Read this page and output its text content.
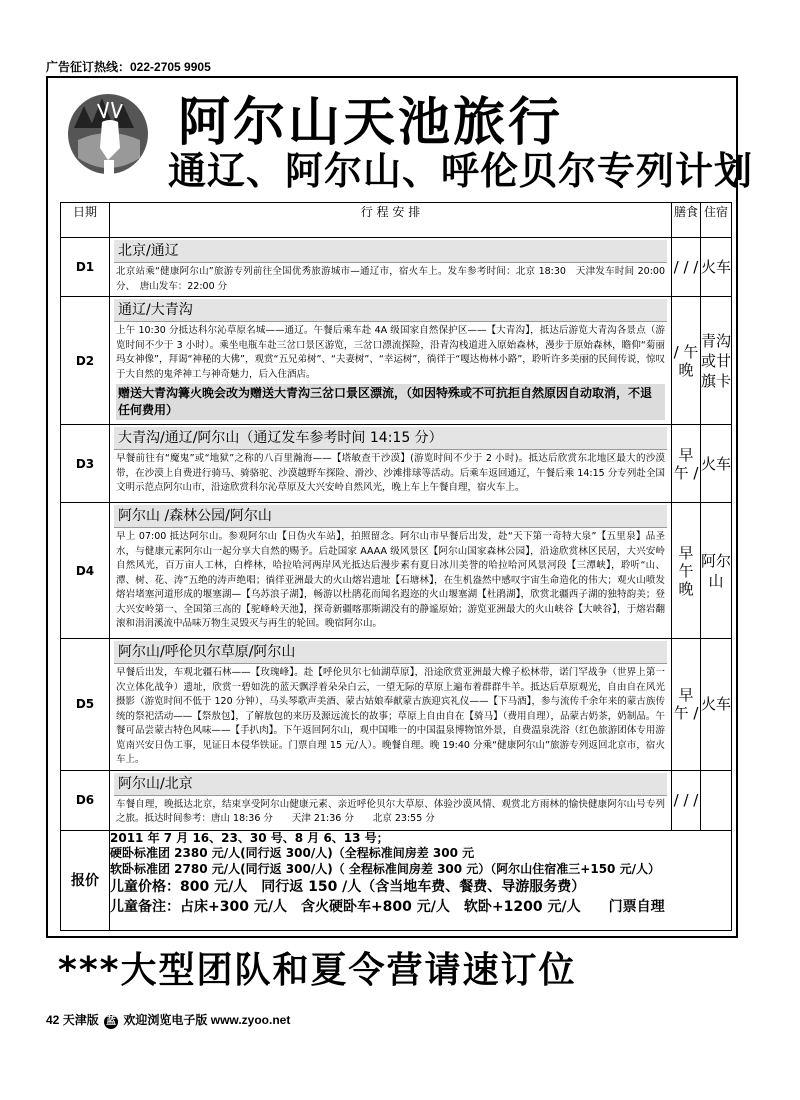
广告征订热线：022-2705 9905
阿尔山天池旅行
通辽、阿尔山、呼伦贝尔专列计划
日期	行 程 安 排	膳食	住宿
D1	北京/通辽
北京站乘“健康阿尔山”旅游专列前往全国优秀旅游城市—通辽市，宿火车上。发车参考时间：北京 18:30　天津发车时间 20:00 分、　唐山发车：22:00 分	/ / /	火车
D2	通辽/大青沟
上午 10:30 分抵达科尔沁草原名城——通辽。午餐后乘车赴 4A 级国家自然保护区——【大青沟】，抵达后游览大青沟各景点（游览时间不少于 3 小时）。乘坐电瓶车赴三岔口景区游览，三岔口漂流探险，沿青沟栈道进入原始森林，漫步于原始森林，瞻仰“菊丽玛女神像”，拜谒“神秘的大佛”，观赏“五兄弟树”、“夫妻树”、“幸运树”，徜徉于“嘎达梅林小路”，聆听许多美丽的民间传说，惊叹于大自然的鬼斧神工与神奇魅力，后入住酒店。
赠送大青沟篝火晚会改为赠送大青沟三岔口景区漂流，（如因特殊或不可抗拒自然原因自动取消，不退任何费用）	/ 午晚	青沟或甘旗卡
D3	大青沟/通辽/阿尔山（通辽发车参考时间 14:15 分）
早餐前往有“魔鬼”或“地狱”之称的八百里瀚海——【塔敏查干沙漠】(游览时间不少于 2 小时)。抵达后欣赏东北地区最大的沙漠带，在沙漠上自费进行骑马、骑骆驼、沙漠越野车探险、滑沙、沙滩排球等活动。后乘车返回通辽，午餐后乘 14:15 分专列赴全国文明示范点阿尔山市，沿途欣赏科尔沁草原及大兴安岭自然风光，晚上车上午餐自理，宿火车上。	早午 /	火车
D4	阿尔山 /森林公园/阿尔山
早上 07:00 抵达阿尔山。参观阿尔山【日伪火车站】，拍照留念。阿尔山市早餐后出发，赴“天下第一奇特大泉”【五里泉】品圣水，与健康元素阿尔山一起分享大自然的赐予。后赴国家 AAAA 级风景区【阿尔山国家森林公园】，沿途欣赏林区民居，大兴安岭自然风光，百万亩人工林，白桦林，哈拉哈河两岸风光抵达后漫步素有夏日冰川美誉的哈拉哈河风景河段【三潭峡】，聆听“山、潭、树、花、涛”五绝的涛声绝唱；徜徉亚洲最大的火山熔岩遗址【石塘林】，在生机盎然中感叹宇宙生命造化的伟大；观火山喷发熔岩堵塞河道形成的堰塞湖—【乌苏浪子湖】，畅游以杜鹃花而闻名遐迩的火山堰塞湖【杜鹃湖】，欣赏北疆西子湖的独特韵美；登大兴安岭第一、全国第三高的【驼峰岭天池】，探奇新疆喀那斯湖没有的静谧原始；游览亚洲最大的火山峡谷【大峡谷】，于熔岩翻滚和涓涓溪流中品味万物生灵毁灭与再生的轮回。晚宿阿尔山。	早午晚	阿尔山
D5	阿尔山/呼伦贝尔草原/阿尔山
早餐后出发，车观北疆石林——【玫瑰峰】。赴【呼伦贝尔七仙湖草原】，沿途欣赏亚洲最大橡子松林带，诺门罕战争（世界上第一次立体化战争）遗址，欣赏一碧如洗的蓝天飘浮着朵朵白云，一望无际的草原上遍布着群群牛羊。抵达后草原观光，自由自在风光摄影（游览时间不低于 120 分钟），马头琴歌声美酒、蒙古姑娘奉献蒙古族迎宾礼仪——【下马酒】，参与流传千余年来的蒙古族传统的祭祀活动——【祭敖包】，了解敖包的来历及源远流长的故事；草原上自由自在【骑马】（费用自理），品蒙古奶茶，奶制品。午餐可品尝蒙古特色风味——【手扒肉】。下午返回阿尔山，观中国唯一的中国温泉博物馆外景，自费温泉洗浴（红色旅游团体专用游览南兴安日伪工事，见证日本侵华铁证。门票自理 15 元/人）。晚餐自理。晚 19:40 分乘“健康阿尔山”旅游专列返回北京市，宿火车上。	早午 /	火车
D6	阿尔山/北京
车餐自理，晚抵达北京，结束享受阿尔山健康元素、亲近呼伦贝尔大草原、体验沙漠风情、观赏北方雨林的愉快健康阿尔山号专列之旅。抵达时间参考：唐山 18:36 分　　天津 21:36 分　　北京 23:55 分	/ / /	
报价	2011 年 7 月 16、23、30 号、8 月 6、13 号；
硬卧标准团 2380 元/人(同行返 300/人)（全程标准间房差 300 元
软卧标准团 2780 元/人(同行返 300/人)（ 全程标准间房差 300 元）（阿尔山住宿准三+150 元/人）
儿童价格：800 元/人　同行返 150 /人（含当地车费、餐费、导游服务费）
儿童备注：占床+300 元/人　含火硬卧车+800 元/人　软卧+1200 元/人　　门票自理		
***大型团队和夏令营请速订位
42 天津版 蓝 欢迎浏览电子版 www.zyoo.net
